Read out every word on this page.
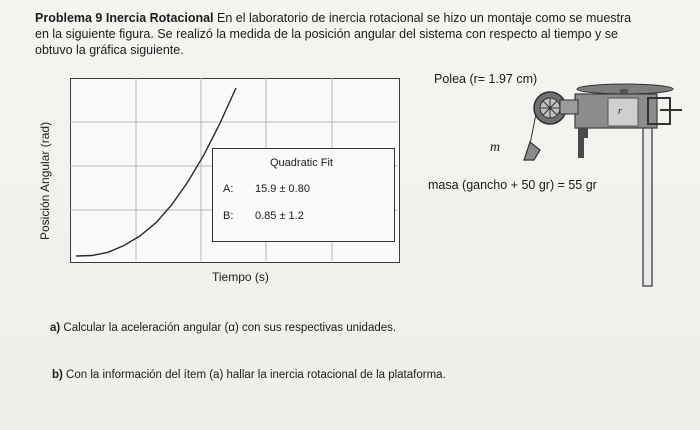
Problema 9 Inercia Rotacional En el laboratorio de inercia rotacional se hizo un montaje como se muestra en la siguiente figura. Se realizó la medida de la posición angular del sistema con respecto al tiempo y se obtuvo la gráfica siguiente.
Posición Angular (rad)
Tiempo (s)
Quadratic Fit
A: 15.9 ± 0.80
B: 0.85 ± 1.2
Polea (r= 1.97 cm)
m
masa (gancho + 50 gr) = 55 gr
r
a) Calcular la aceleración angular (α) con sus respectivas unidades.
b) Con la información del ítem (a) hallar la inercia rotacional de la plataforma.
